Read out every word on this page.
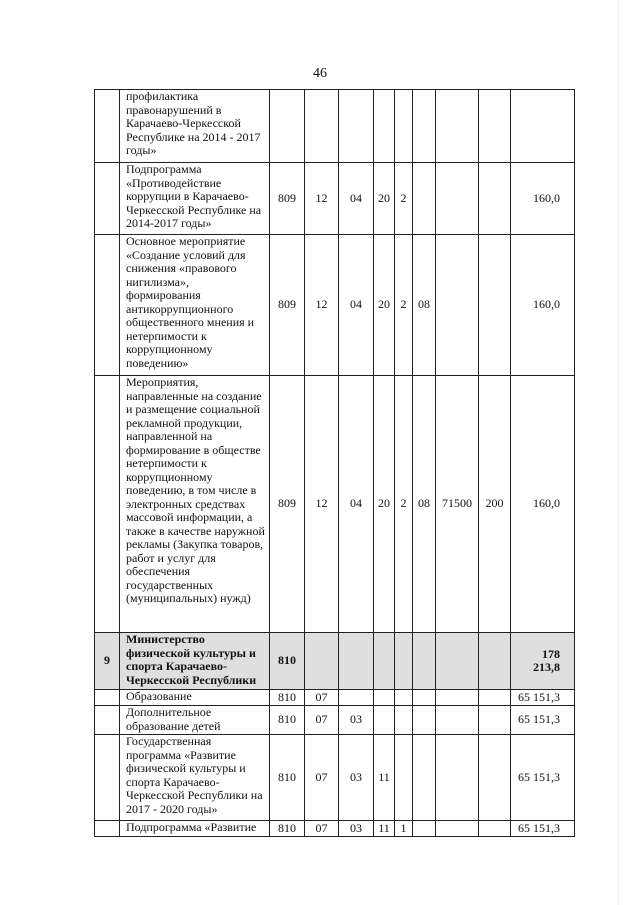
46
	профилактика правонарушений в Карачаево-Черкесской Республике на 2014 - 2017 годы»									
	Подпрограмма «Противодействие коррупции в Карачаево-Черкесской Республике на 2014-2017 годы»	809	12	04	20	2				160,0
	Основное мероприятие «Создание условий для снижения «правового нигилизма», формирования антикоррупционного общественного мнения и нетерпимости к коррупционному поведению»	809	12	04	20	2	08			160,0
	Мероприятия, направленные на создание и размещение социальной рекламной продукции, направленной на формирование в обществе нетерпимости к коррупционному поведению, в том числе в электронных средствах массовой информации, а также в качестве наружной рекламы (Закупка товаров, работ и услуг для обеспечения государственных (муниципальных) нужд)	809	12	04	20	2	08	71500	200	160,0
9	Министерство физической культуры и спорта Карачаево-Черкесской Республики	810								178 213,8
	Образование	810	07							65 151,3
	Дополнительное образование детей	810	07	03						65 151,3
	Государственная программа «Развитие физической культуры и спорта Карачаево-Черкесской Республики на 2017 - 2020 годы»	810	07	03	11					65 151,3
	Подпрограмма «Развитие	810	07	03	11	1				65 151,3
